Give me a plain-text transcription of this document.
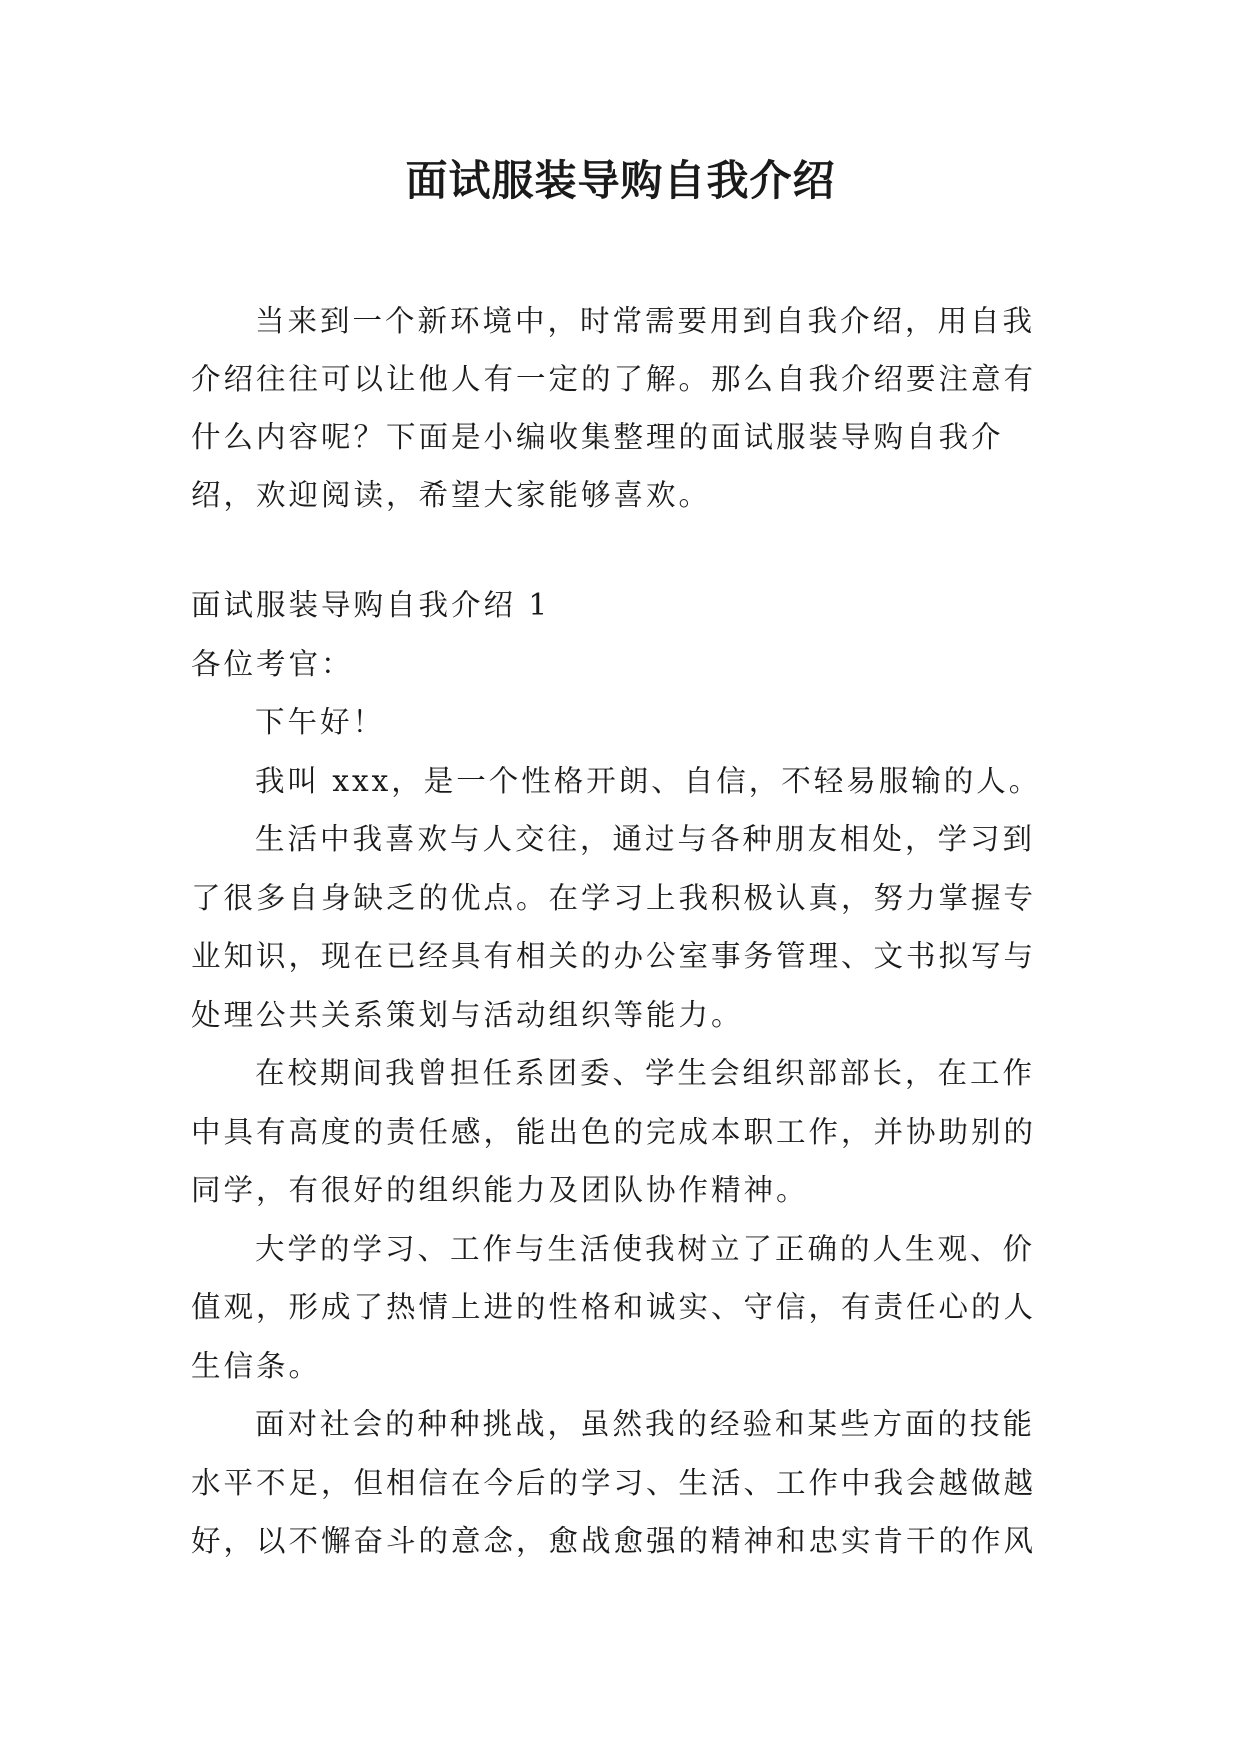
面试服装导购自我介绍

当来到一个新环境中，时常需要用到自我介绍，用自我介绍往往可以让他人有一定的了解。那么自我介绍要注意有什么内容呢？下面是小编收集整理的面试服装导购自我介绍，欢迎阅读，希望大家能够喜欢。

面试服装导购自我介绍 1

各位考官：

下午好！

我叫 xxx，是一个性格开朗、自信，不轻易服输的人。

生活中我喜欢与人交往，通过与各种朋友相处，学习到了很多自身缺乏的优点。在学习上我积极认真，努力掌握专业知识，现在已经具有相关的办公室事务管理、文书拟写与处理公共关系策划与活动组织等能力。

在校期间我曾担任系团委、学生会组织部部长，在工作中具有高度的责任感，能出色的完成本职工作，并协助别的同学，有很好的组织能力及团队协作精神。

大学的学习、工作与生活使我树立了正确的人生观、价值观，形成了热情上进的性格和诚实、守信，有责任心的人生信条。

面对社会的种种挑战，虽然我的经验和某些方面的技能水平不足，但相信在今后的学习、生活、工作中我会越做越好，以不懈奋斗的意念，愈战愈强的精神和忠实肯干的作风
